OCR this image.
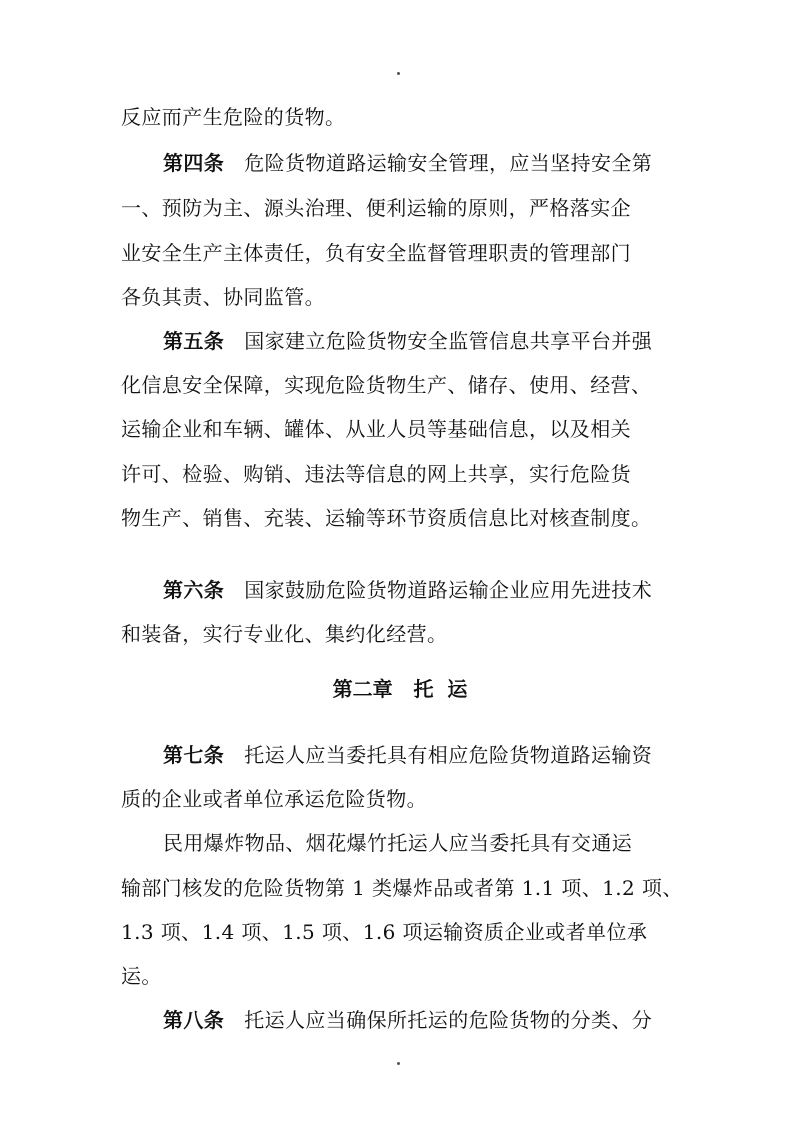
反应而产生危险的货物。
第四条 危险货物道路运输安全管理，应当坚持安全第
一、预防为主、源头治理、便利运输的原则，严格落实企
业安全生产主体责任，负有安全监督管理职责的管理部门
各负其责、协同监管。
第五条 国家建立危险货物安全监管信息共享平台并强
化信息安全保障，实现危险货物生产、储存、使用、经营、
运输企业和车辆、罐体、从业人员等基础信息，以及相关
许可、检验、购销、违法等信息的网上共享，实行危险货
物生产、销售、充装、运输等环节资质信息比对核查制度。
第六条 国家鼓励危险货物道路运输企业应用先进技术
和装备，实行专业化、集约化经营。
第二章   托  运
第七条 托运人应当委托具有相应危险货物道路运输资
质的企业或者单位承运危险货物。
民用爆炸物品、烟花爆竹托运人应当委托具有交通运
输部门核发的危险货物第 1 类爆炸品或者第 1.1 项、1.2 项、
1.3 项、1.4 项、1.5 项、1.6 项运输资质企业或者单位承
运。
第八条 托运人应当确保所托运的危险货物的分类、分
